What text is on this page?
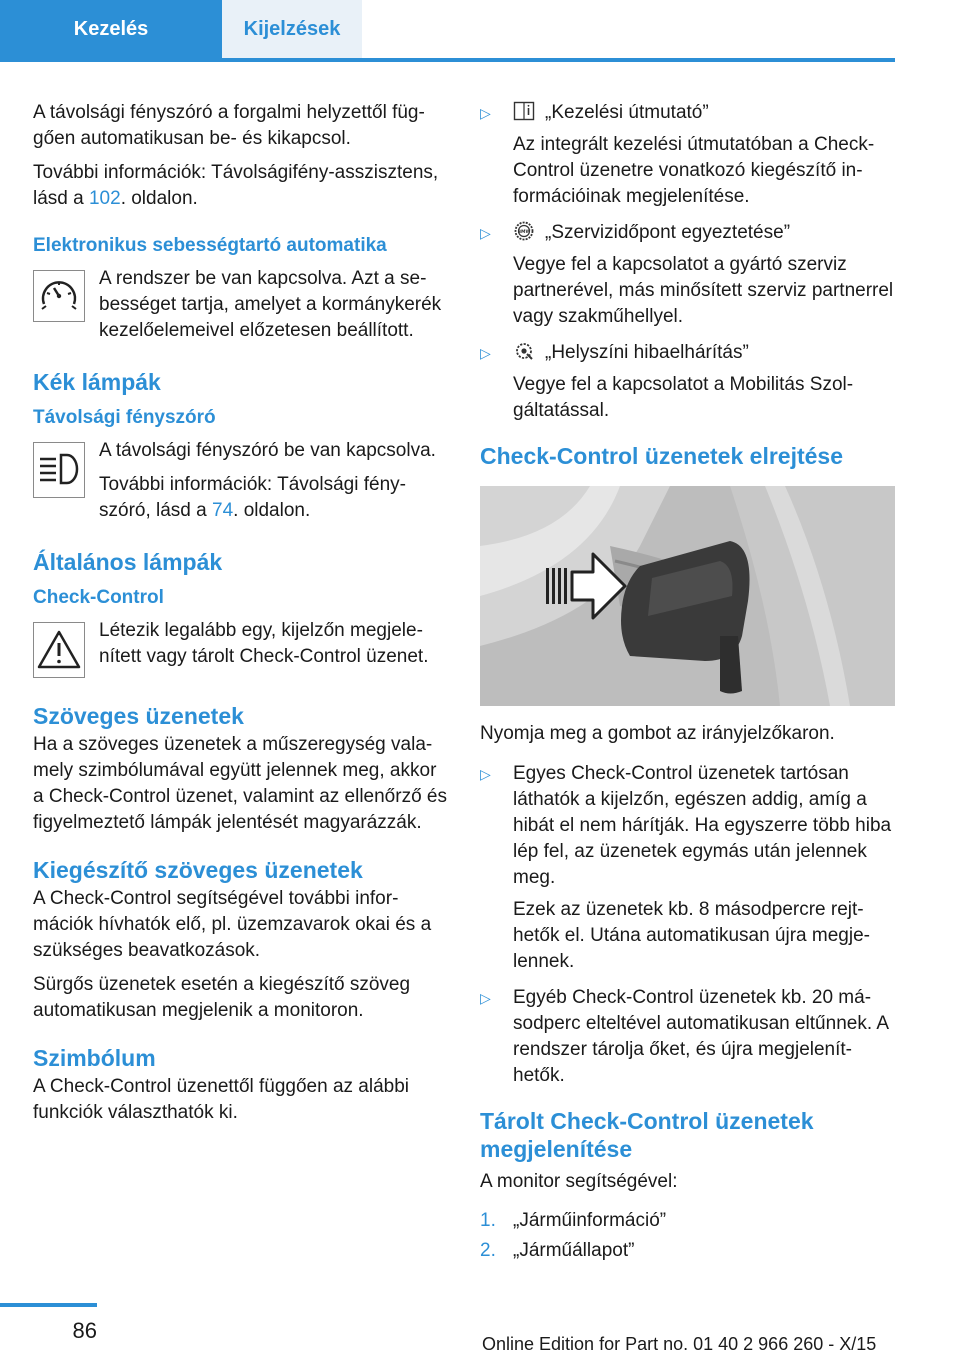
Kezelés	Kijelzések

A távolsági fényszóró a forgalmi helyzettől függően automatikusan be- és kikapcsol.

További információk: Távolságifény-asszisztens, lásd a 102. oldalon.

Elektronikus sebességtartó automatika

A rendszer be van kapcsolva. Azt a sebességet tartja, amelyet a kormánykerék kezelőelemeivel előzetesen beállított.

Kék lámpák
Távolsági fényszóró

A távolsági fényszóró be van kapcsolva.

További információk: Távolsági fényszóró, lásd a 74. oldalon.

Általános lámpák
Check-Control

Létezik legalább egy, kijelzőn megjelenített vagy tárolt Check-Control üzenet.

Szöveges üzenetek

Ha a szöveges üzenetek a műszeregység valamely szimbólumával együtt jelennek meg, akkor a Check-Control üzenet, valamint az ellenőrző és figyelmeztető lámpák jelentését magyarázzák.

Kiegészítő szöveges üzenetek

A Check-Control segítségével további információk hívhatók elő, pl. üzemzavarok okai és a szükséges beavatkozások.

Sürgős üzenetek esetén a kiegészítő szöveg automatikusan megjelenik a monitoron.

Szimbólum

A Check-Control üzenettől függően az alábbi funkciók választhatók ki.

▷	„Kezelési útmutató”

Az integrált kezelési útmutatóban a Check-Control üzenetre vonatkozó kiegészítő információinak megjelenítése.

▷	BMW „Szervizidőpont egyeztetése”

Vegye fel a kapcsolatot a gyártó szerviz partnerével, más minősített szerviz partnerrel vagy szakműhellyel.

▷	„Helyszíni hibaelhárítás”

Vegye fel a kapcsolatot a Mobilitás Szolgáltatással.

Check-Control üzenetek elrejtése

Nyomja meg a gombot az irányjelzőkaron.

▷ Egyes Check-Control üzenetek tartósan láthatók a kijelzőn, egészen addig, amíg a hibát el nem hárítják. Ha egyszerre több hiba lép fel, az üzenetek egymás után jelennek meg.

Ezek az üzenetek kb. 8 másodpercre rejthetők el. Utána automatikusan újra megjelennek.

▷ Egyéb Check-Control üzenetek kb. 20 másodperc elteltével automatikusan eltűnnek. A rendszer tárolja őket, és újra megjeleníthetők.

Tárolt Check-Control üzenetek megjelenítése

A monitor segítségével:

1. „Járműinformáció”
2. „Járműállapot”
86
Online Edition for Part no. 01 40 2 966 260 - X/15
